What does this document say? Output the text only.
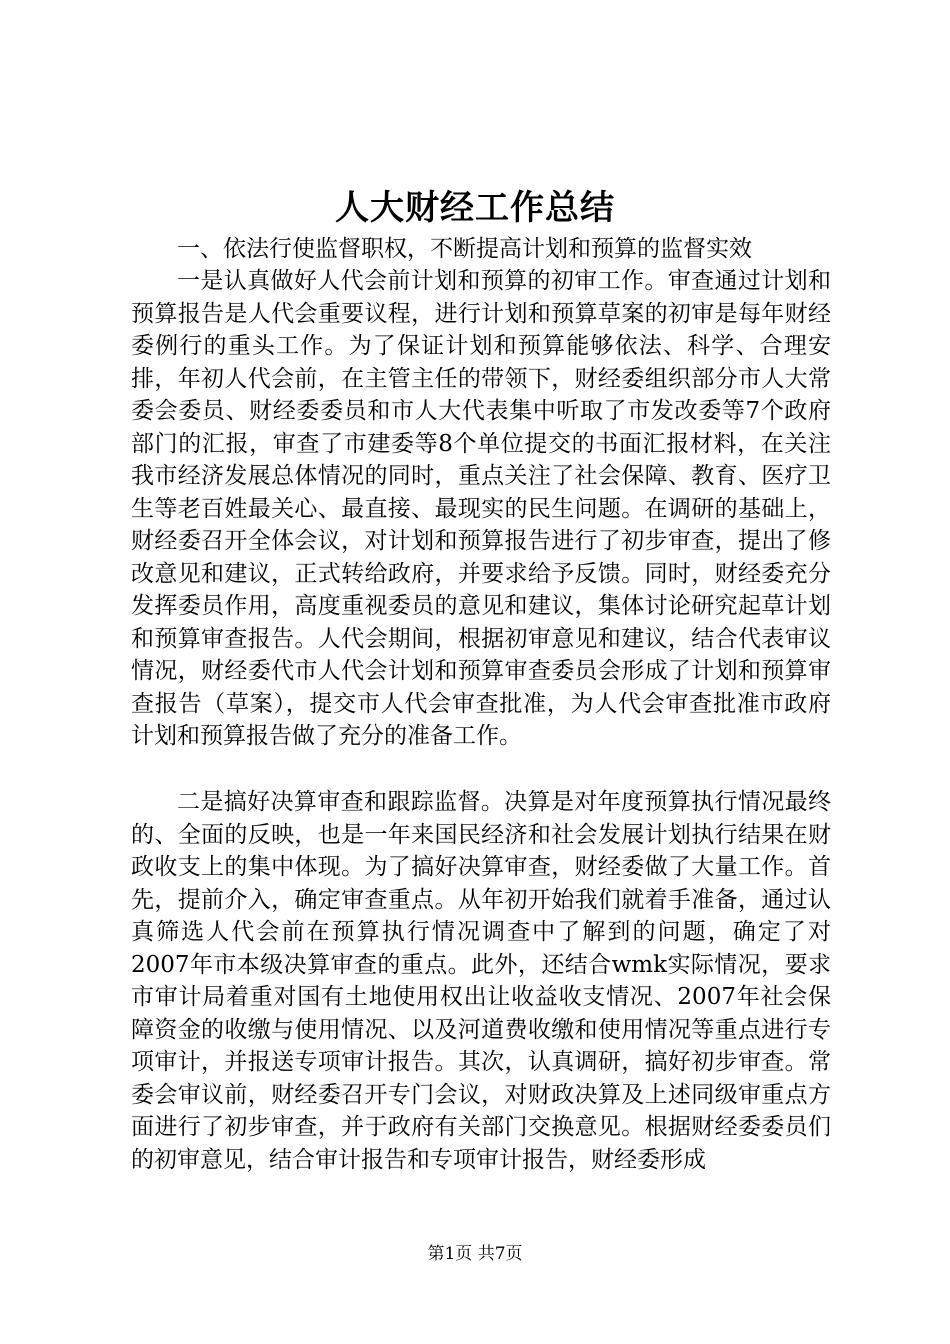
人大财经工作总结

一、依法行使监督职权，不断提高计划和预算的监督实效

一是认真做好人代会前计划和预算的初审工作。审查通过计划和预算报告是人代会重要议程，进行计划和预算草案的初审是每年财经委例行的重头工作。为了保证计划和预算能够依法、科学、合理安排，年初人代会前，在主管主任的带领下，财经委组织部分市人大常委会委员、财经委委员和市人大代表集中听取了市发改委等7个政府部门的汇报，审查了市建委等8个单位提交的书面汇报材料，在关注我市经济发展总体情况的同时，重点关注了社会保障、教育、医疗卫生等老百姓最关心、最直接、最现实的民生问题。在调研的基础上，财经委召开全体会议，对计划和预算报告进行了初步审查，提出了修改意见和建议，正式转给政府，并要求给予反馈。同时，财经委充分发挥委员作用，高度重视委员的意见和建议，集体讨论研究起草计划和预算审查报告。人代会期间，根据初审意见和建议，结合代表审议情况，财经委代市人代会计划和预算审查委员会形成了计划和预算审查报告（草案），提交市人代会审查批准，为人代会审查批准市政府计划和预算报告做了充分的准备工作。

二是搞好决算审查和跟踪监督。决算是对年度预算执行情况最终的、全面的反映，也是一年来国民经济和社会发展计划执行结果在财政收支上的集中体现。为了搞好决算审查，财经委做了大量工作。首先，提前介入，确定审查重点。从年初开始我们就着手准备，通过认真筛选人代会前在预算执行情况调查中了解到的问题，确定了对2007年市本级决算审查的重点。此外，还结合wmk实际情况，要求市审计局着重对国有土地使用权出让收益收支情况、2007年社会保障资金的收缴与使用情况、以及河道费收缴和使用情况等重点进行专项审计，并报送专项审计报告。其次，认真调研，搞好初步审查。常委会审议前，财经委召开专门会议，对财政决算及上述同级审重点方面进行了初步审查，并于政府有关部门交换意见。根据财经委委员们的初审意见，结合审计报告和专项审计报告，财经委形成

第1页 共7页
